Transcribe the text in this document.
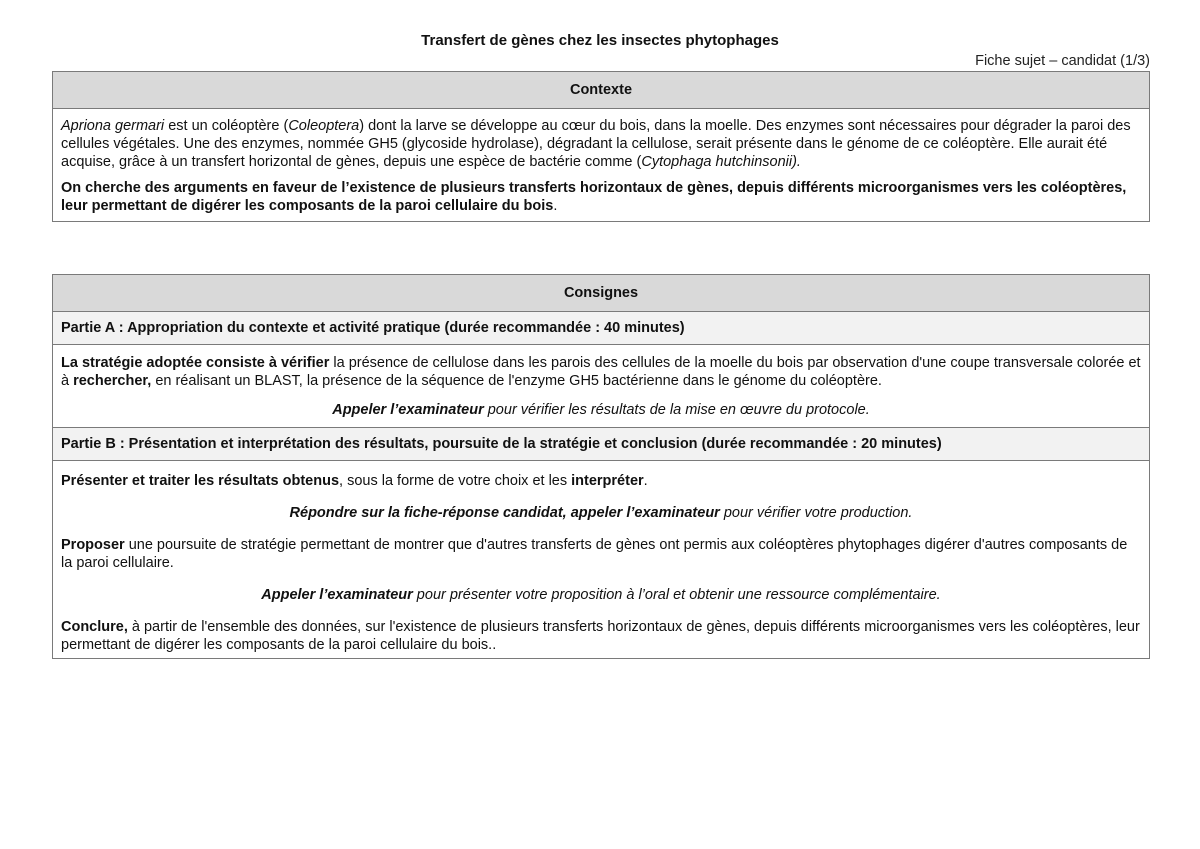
Transfert de gènes chez les insectes phytophages
Fiche sujet – candidat (1/3)
Contexte

Apriona germari est un coléoptère (Coleoptera) dont la larve se développe au cœur du bois, dans la moelle. Des enzymes sont nécessaires pour dégrader la paroi des cellules végétales. Une des enzymes, nommée GH5 (glycoside hydrolase), dégradant la cellulose, serait présente dans le génome de ce coléoptère. Elle aurait été acquise, grâce à un transfert horizontal de gènes, depuis une espèce de bactérie comme (Cytophaga hutchinsonii).

On cherche des arguments en faveur de l’existence de plusieurs transferts horizontaux de gènes, depuis différents microorganismes vers les coléoptères, leur permettant de digérer les composants de la paroi cellulaire du bois.

Consignes
Partie A : Appropriation du contexte et activité pratique (durée recommandée : 40 minutes)

La stratégie adoptée consiste à vérifier la présence de cellulose dans les parois des cellules de la moelle du bois par observation d'une coupe transversale colorée et à rechercher, en réalisant un BLAST, la présence de la séquence de l'enzyme GH5 bactérienne dans le génome du coléoptère.

Appeler l’examinateur pour vérifier les résultats de la mise en œuvre du protocole.

Partie B : Présentation et interprétation des résultats, poursuite de la stratégie et conclusion (durée recommandée : 20 minutes)

Présenter et traiter les résultats obtenus, sous la forme de votre choix et les interpréter.

Répondre sur la fiche-réponse candidat, appeler l’examinateur pour vérifier votre production.

Proposer une poursuite de stratégie permettant de montrer que d'autres transferts de gènes ont permis aux coléoptères phytophages digérer d'autres composants de la paroi cellulaire.

Appeler l’examinateur pour présenter votre proposition à l’oral et obtenir une ressource complémentaire.

Conclure, à partir de l'ensemble des données, sur l'existence de plusieurs transferts horizontaux de gènes, depuis différents microorganismes vers les coléoptères, leur permettant de digérer les composants de la paroi cellulaire du bois..
